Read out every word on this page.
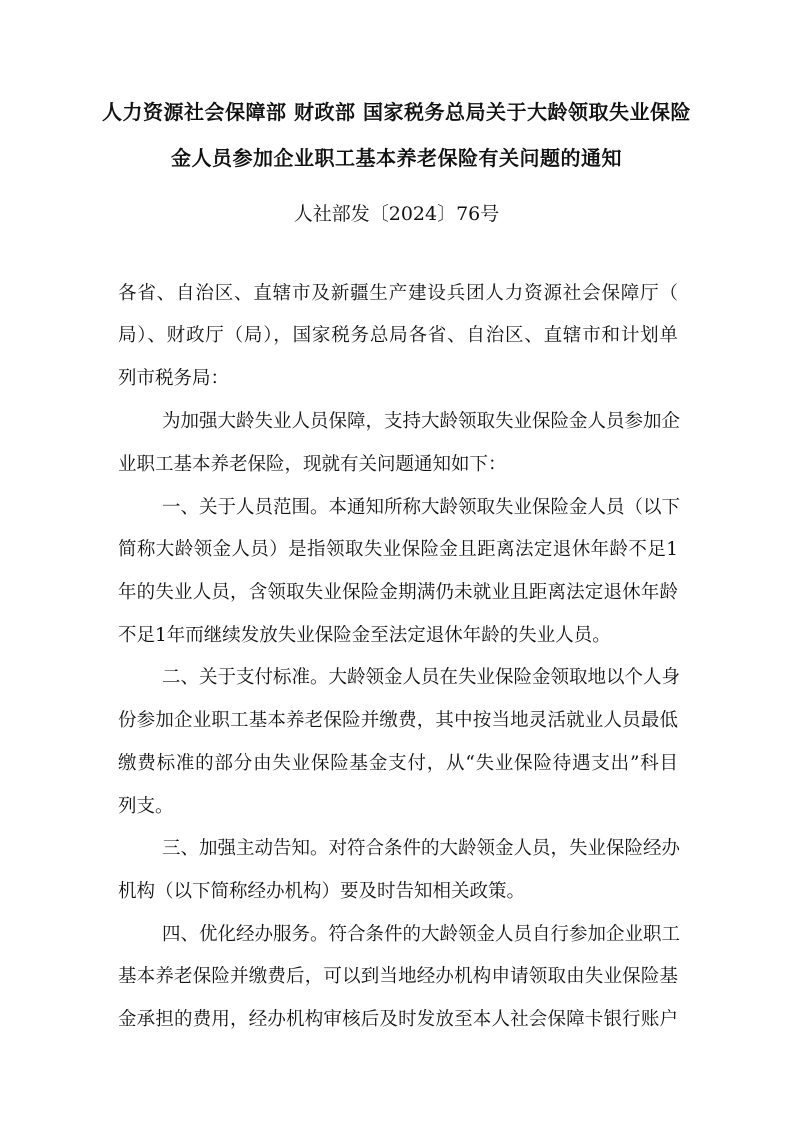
人力资源社会保障部 财政部 国家税务总局关于大龄领取失业保险
金人员参加企业职工基本养老保险有关问题的通知
人社部发〔2024〕76号
各省、自治区、直辖市及新疆生产建设兵团人力资源社会保障厅（
局）、财政厅（局），国家税务总局各省、自治区、直辖市和计划单
列市税务局：
为加强大龄失业人员保障，支持大龄领取失业保险金人员参加企
业职工基本养老保险，现就有关问题通知如下：
一、关于人员范围。本通知所称大龄领取失业保险金人员（以下
简称大龄领金人员）是指领取失业保险金且距离法定退休年龄不足1
年的失业人员，含领取失业保险金期满仍未就业且距离法定退休年龄
不足1年而继续发放失业保险金至法定退休年龄的失业人员。
二、关于支付标准。大龄领金人员在失业保险金领取地以个人身
份参加企业职工基本养老保险并缴费，其中按当地灵活就业人员最低
缴费标准的部分由失业保险基金支付，从“失业保险待遇支出”科目
列支。
三、加强主动告知。对符合条件的大龄领金人员，失业保险经办
机构（以下简称经办机构）要及时告知相关政策。
四、优化经办服务。符合条件的大龄领金人员自行参加企业职工
基本养老保险并缴费后，可以到当地经办机构申请领取由失业保险基
金承担的费用，经办机构审核后及时发放至本人社会保障卡银行账户
